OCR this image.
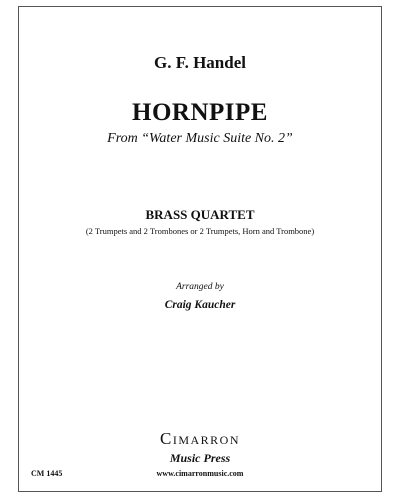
G. F. Handel
HORNPIPE
From “Water Music Suite No. 2”
BRASS QUARTET
(2 Trumpets and 2 Trombones or 2 Trumpets, Horn and Trombone)
Arranged by
Craig Kaucher
Cimarron
Music Press
www.cimarronmusic.com
CM 1445
